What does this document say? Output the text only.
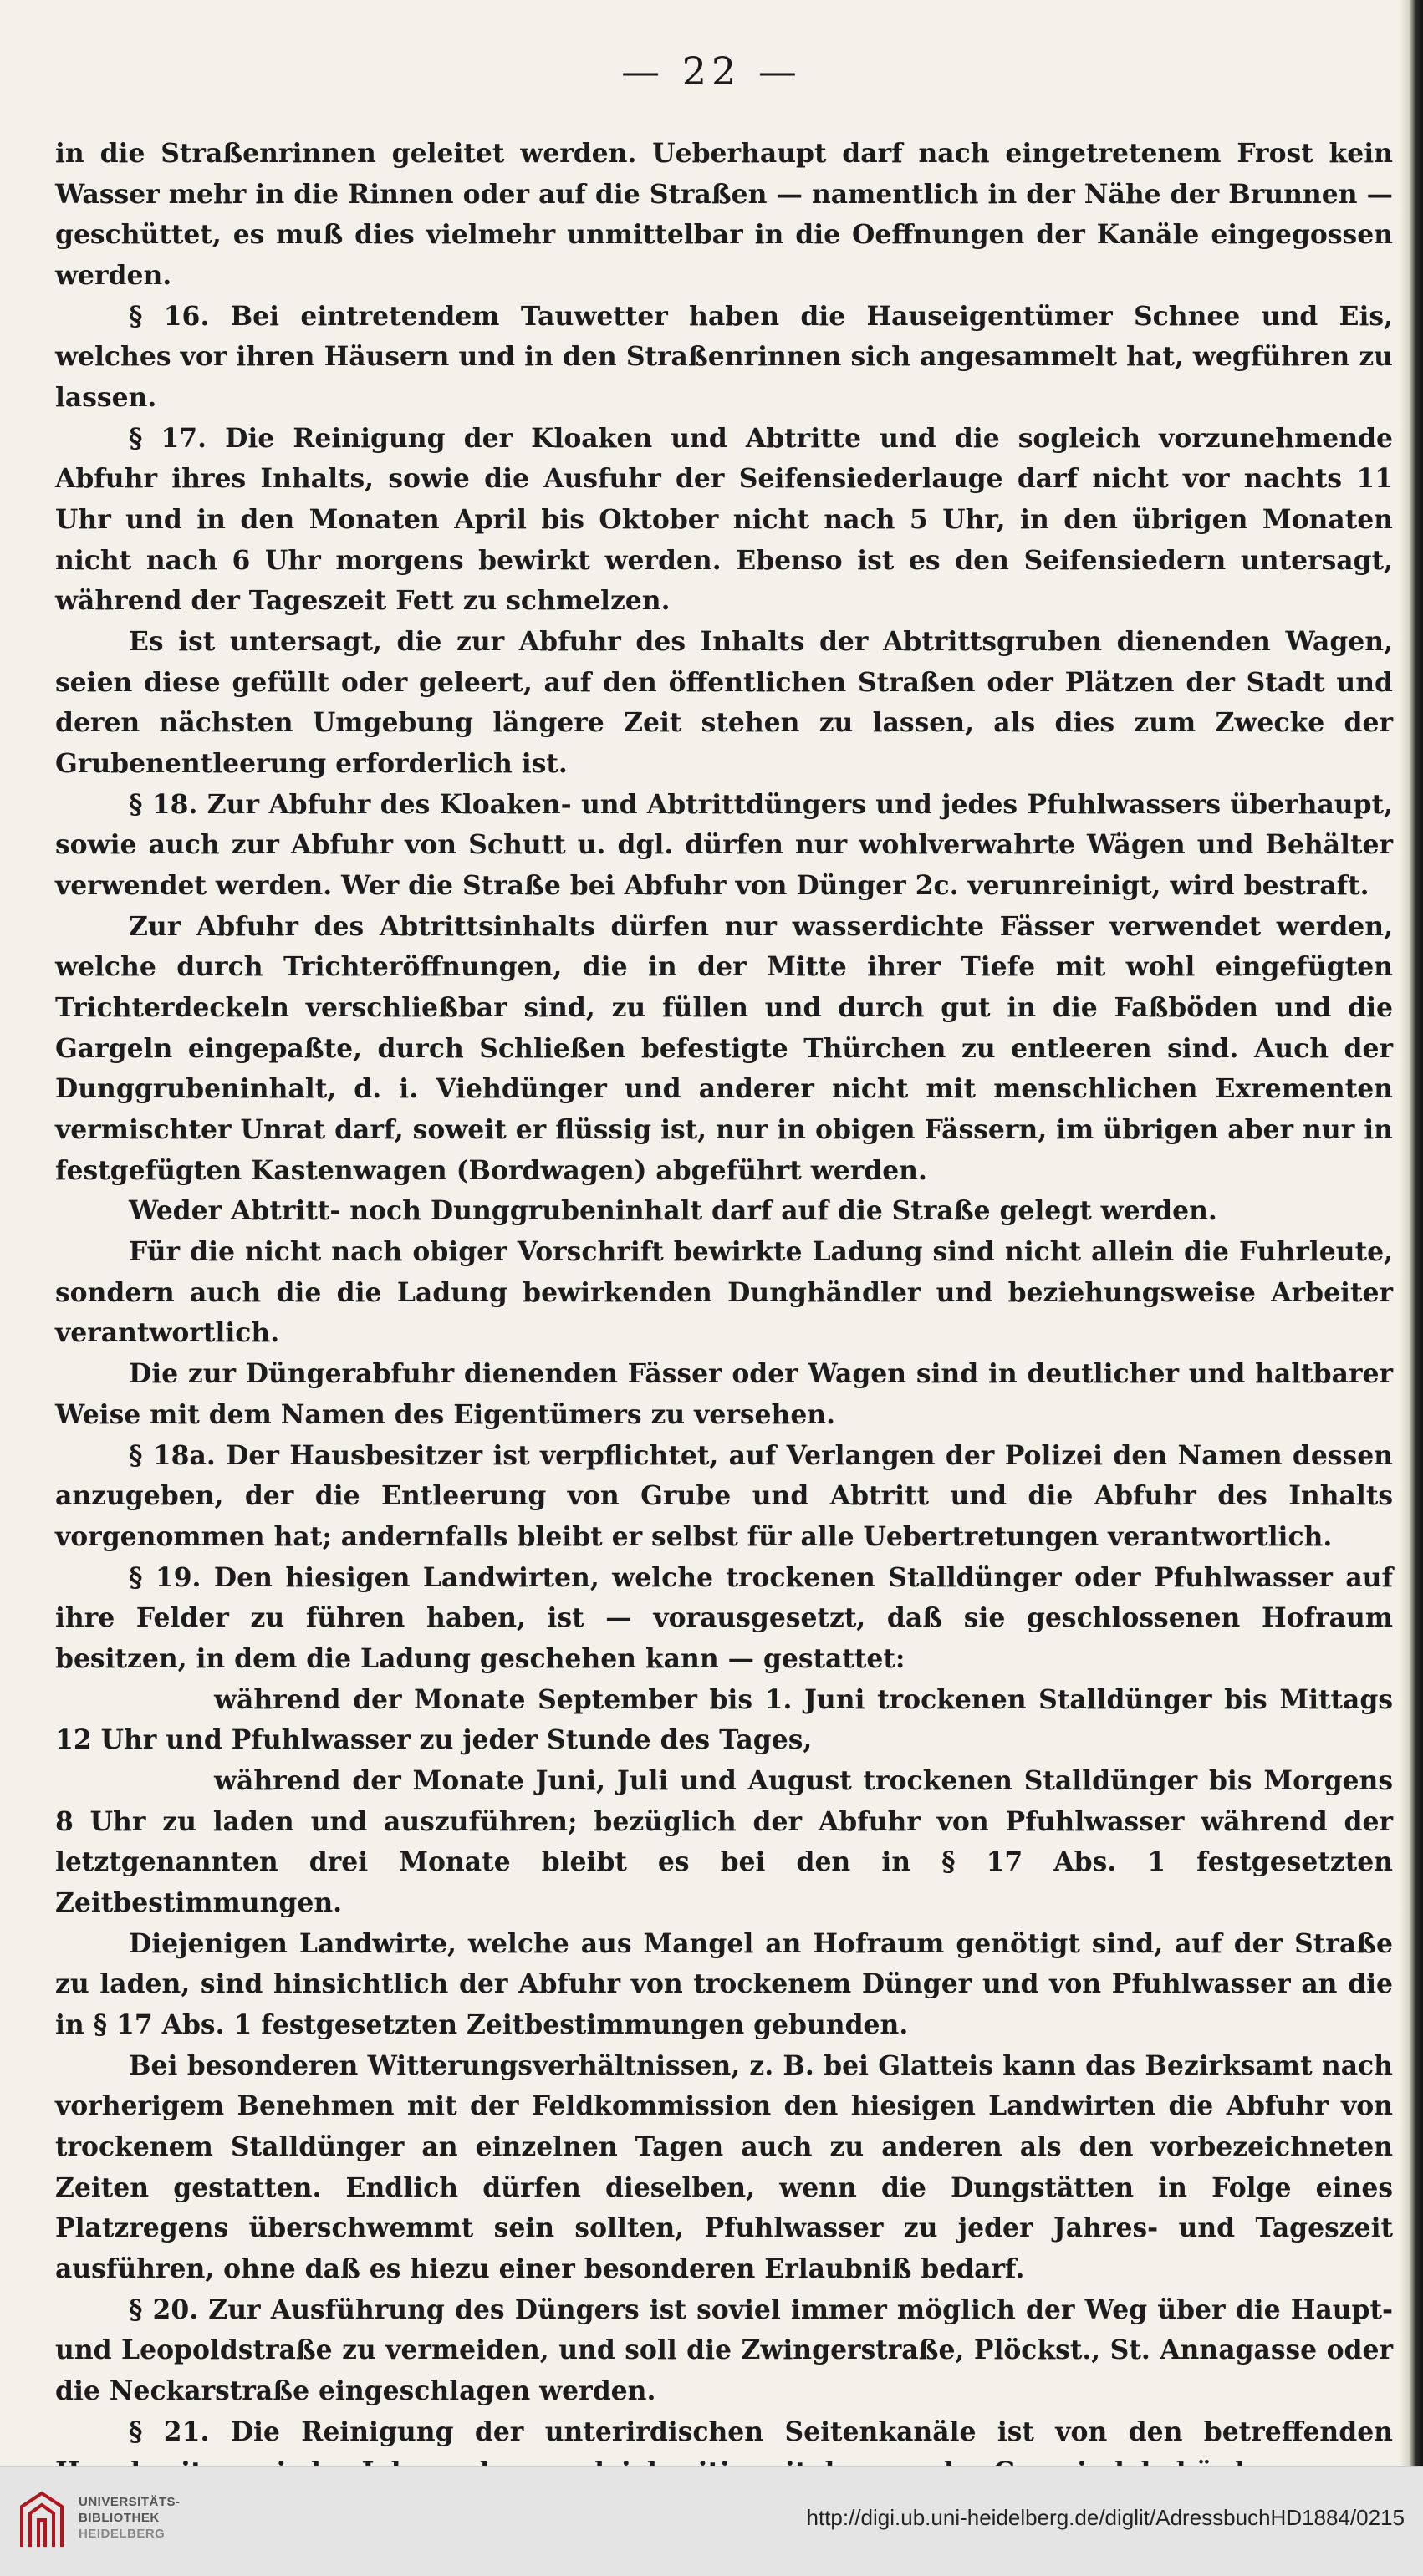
— 22 —

in die Straßenrinnen geleitet werden. Ueberhaupt darf nach eingetretenem Frost kein Wasser mehr in die Rinnen oder auf die Straßen — namentlich in der Nähe der Brunnen — geschüttet, es muß dies vielmehr unmittelbar in die Oeffnungen der Kanäle eingegossen werden.

§ 16. Bei eintretendem Tauwetter haben die Hauseigentümer Schnee und Eis, welches vor ihren Häusern und in den Straßenrinnen sich angesammelt hat, wegführen zu lassen.

§ 17. Die Reinigung der Kloaken und Abtritte und die sogleich vorzunehmende Abfuhr ihres Inhalts, sowie die Ausfuhr der Seifensiederlauge darf nicht vor nachts 11 Uhr und in den Monaten April bis Oktober nicht nach 5 Uhr, in den übrigen Monaten nicht nach 6 Uhr morgens bewirkt werden. Ebenso ist es den Seifensiedern untersagt, während der Tageszeit Fett zu schmelzen.

Es ist untersagt, die zur Abfuhr des Inhalts der Abtrittsgruben dienenden Wagen, seien diese gefüllt oder geleert, auf den öffentlichen Straßen oder Plätzen der Stadt und deren nächsten Umgebung längere Zeit stehen zu lassen, als dies zum Zwecke der Grubenentleerung erforderlich ist.

§ 18. Zur Abfuhr des Kloaken- und Abtrittdüngers und jedes Pfuhlwassers überhaupt, sowie auch zur Abfuhr von Schutt u. dgl. dürfen nur wohlverwahrte Wägen und Behälter verwendet werden. Wer die Straße bei Abfuhr von Dünger 2c. verunreinigt, wird bestraft.

Zur Abfuhr des Abtrittsinhalts dürfen nur wasserdichte Fässer verwendet werden, welche durch Trichteröffnungen, die in der Mitte ihrer Tiefe mit wohl eingefügten Trichterdeckeln verschließbar sind, zu füllen und durch gut in die Faßböden und die Gargeln eingepaßte, durch Schließen befestigte Thürchen zu entleeren sind. Auch der Dunggrubeninhalt, d. i. Viehdünger und anderer nicht mit menschlichen Exrementen vermischter Unrat darf, soweit er flüssig ist, nur in obigen Fässern, im übrigen aber nur in festgefügten Kastenwagen (Bordwagen) abgeführt werden.

Weder Abtritt- noch Dunggrubeninhalt darf auf die Straße gelegt werden.

Für die nicht nach obiger Vorschrift bewirkte Ladung sind nicht allein die Fuhrleute, sondern auch die die Ladung bewirkenden Dunghändler und beziehungsweise Arbeiter verantwortlich.

Die zur Düngerabfuhr dienenden Fässer oder Wagen sind in deutlicher und haltbarer Weise mit dem Namen des Eigentümers zu versehen.

§ 18a. Der Hausbesitzer ist verpflichtet, auf Verlangen der Polizei den Namen dessen anzugeben, der die Entleerung von Grube und Abtritt und die Abfuhr des Inhalts vorgenommen hat; andernfalls bleibt er selbst für alle Uebertretungen verantwortlich.

§ 19. Den hiesigen Landwirten, welche trockenen Stalldünger oder Pfuhlwasser auf ihre Felder zu führen haben, ist — vorausgesetzt, daß sie geschlossenen Hofraum besitzen, in dem die Ladung geschehen kann — gestattet:

während der Monate September bis 1. Juni trockenen Stalldünger bis Mittags 12 Uhr und Pfuhlwasser zu jeder Stunde des Tages,

während der Monate Juni, Juli und August trockenen Stalldünger bis Morgens 8 Uhr zu laden und auszuführen; bezüglich der Abfuhr von Pfuhlwasser während der letztgenannten drei Monate bleibt es bei den in § 17 Abs. 1 festgesetzten Zeitbestimmungen.

Diejenigen Landwirte, welche aus Mangel an Hofraum genötigt sind, auf der Straße zu laden, sind hinsichtlich der Abfuhr von trockenem Dünger und von Pfuhlwasser an die in § 17 Abs. 1 festgesetzten Zeitbestimmungen gebunden.

Bei besonderen Witterungsverhältnissen, z. B. bei Glatteis kann das Bezirksamt nach vorherigem Benehmen mit der Feldkommission den hiesigen Landwirten die Abfuhr von trockenem Stalldünger an einzelnen Tagen auch zu anderen als den vorbezeichneten Zeiten gestatten. Endlich dürfen dieselben, wenn die Dungstätten in Folge eines Platzregens überschwemmt sein sollten, Pfuhlwasser zu jeder Jahres- und Tageszeit ausführen, ohne daß es hiezu einer besonderen Erlaubniß bedarf.

§ 20. Zur Ausführung des Düngers ist soviel immer möglich der Weg über die Haupt- und Leopoldstraße zu vermeiden, und soll die Zwingerstraße, Plöckst., St. Annagasse oder die Neckarstraße eingeschlagen werden.

§ 21. Die Reinigung der unterirdischen Seitenkanäle ist von den betreffenden

UNIVERSITÄTS-
BIBLIOTHEK
HEIDELBERG
http://digi.ub.uni-heidelberg.de/diglit/AdressbuchHD1884/0215
